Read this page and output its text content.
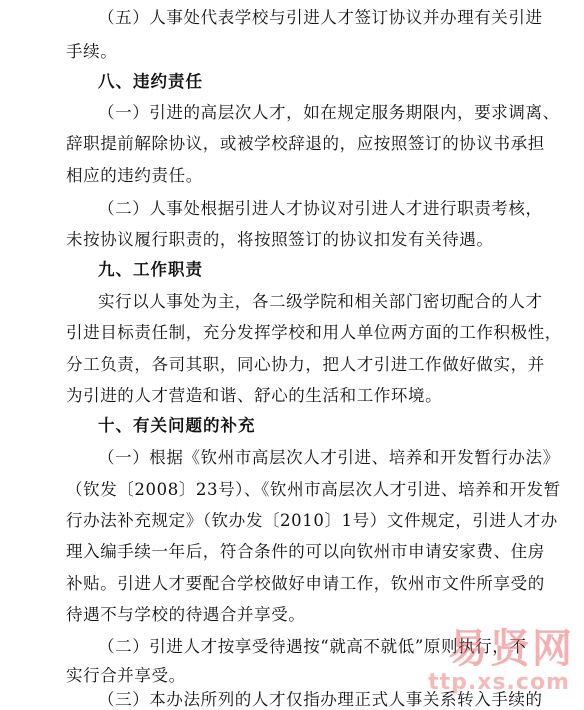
（五）人事处代表学校与引进人才签订协议并办理有关引进
手续。
八、违约责任
（一）引进的高层次人才，如在规定服务期限内，要求调离、
辞职提前解除协议，或被学校辞退的，应按照签订的协议书承担
相应的违约责任。
（二）人事处根据引进人才协议对引进人才进行职责考核，
未按协议履行职责的，将按照签订的协议扣发有关待遇。
九、工作职责
实行以人事处为主，各二级学院和相关部门密切配合的人才
引进目标责任制，充分发挥学校和用人单位两方面的工作积极性，
分工负责，各司其职，同心协力，把人才引进工作做好做实，并
为引进的人才营造和谐、舒心的生活和工作环境。
十、有关问题的补充
（一）根据《钦州市高层次人才引进、培养和开发暂行办法》
（钦发〔2008〕23号）、《钦州市高层次人才引进、培养和开发暂
行办法补充规定》（钦办发〔2010〕1号）文件规定，引进人才办
理入编手续一年后，符合条件的可以向钦州市申请安家费、住房
补贴。引进人才要配合学校做好申请工作，钦州市文件所享受的
待遇不与学校的待遇合并享受。
（二）引进人才按享受待遇按“就高不就低”原则执行，不
实行合并享受。
（三）本办法所列的人才仅指办理正式人事关系转入手续的
易贤网
ttp.xs.com
